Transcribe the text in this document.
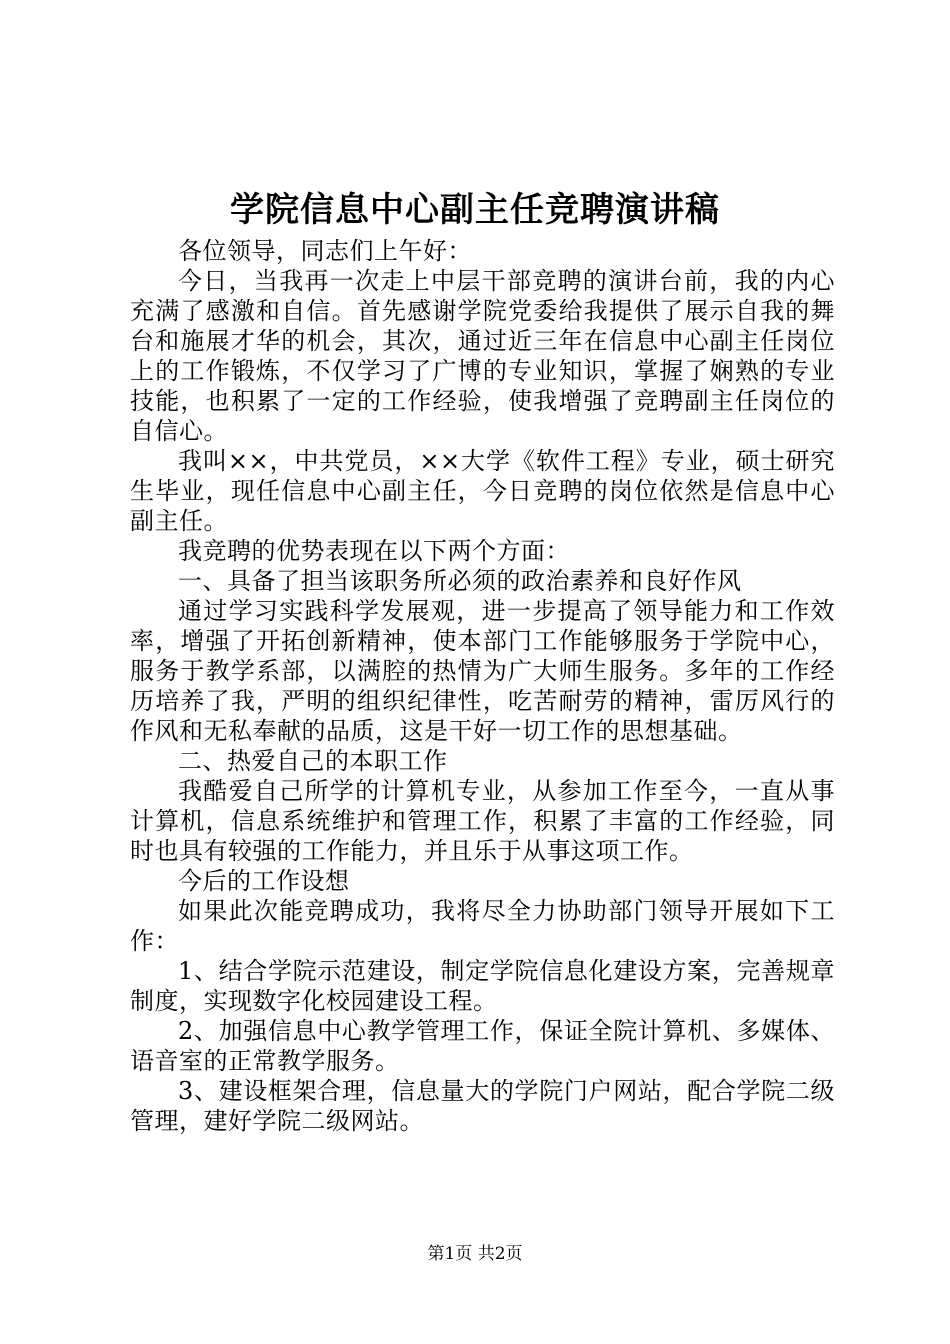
学院信息中心副主任竞聘演讲稿

各位领导，同志们上午好：

今日，当我再一次走上中层干部竞聘的演讲台前，我的内心充满了感激和自信。首先感谢学院党委给我提供了展示自我的舞台和施展才华的机会，其次，通过近三年在信息中心副主任岗位上的工作锻炼，不仅学习了广博的专业知识，掌握了娴熟的专业技能，也积累了一定的工作经验，使我增强了竞聘副主任岗位的自信心。

我叫××，中共党员，××大学《软件工程》专业，硕士研究生毕业，现任信息中心副主任，今日竞聘的岗位依然是信息中心副主任。

我竞聘的优势表现在以下两个方面：

一、具备了担当该职务所必须的政治素养和良好作风

通过学习实践科学发展观，进一步提高了领导能力和工作效率，增强了开拓创新精神，使本部门工作能够服务于学院中心，服务于教学系部，以满腔的热情为广大师生服务。多年的工作经历培养了我，严明的组织纪律性，吃苦耐劳的精神，雷厉风行的作风和无私奉献的品质，这是干好一切工作的思想基础。

二、热爱自己的本职工作

我酷爱自己所学的计算机专业，从参加工作至今，一直从事计算机，信息系统维护和管理工作，积累了丰富的工作经验，同时也具有较强的工作能力，并且乐于从事这项工作。

今后的工作设想

如果此次能竞聘成功，我将尽全力协助部门领导开展如下工作：

1、结合学院示范建设，制定学院信息化建设方案，完善规章制度，实现数字化校园建设工程。

2、加强信息中心教学管理工作，保证全院计算机、多媒体、语音室的正常教学服务。

3、建设框架合理，信息量大的学院门户网站，配合学院二级管理，建好学院二级网站。

第1页 共2页
